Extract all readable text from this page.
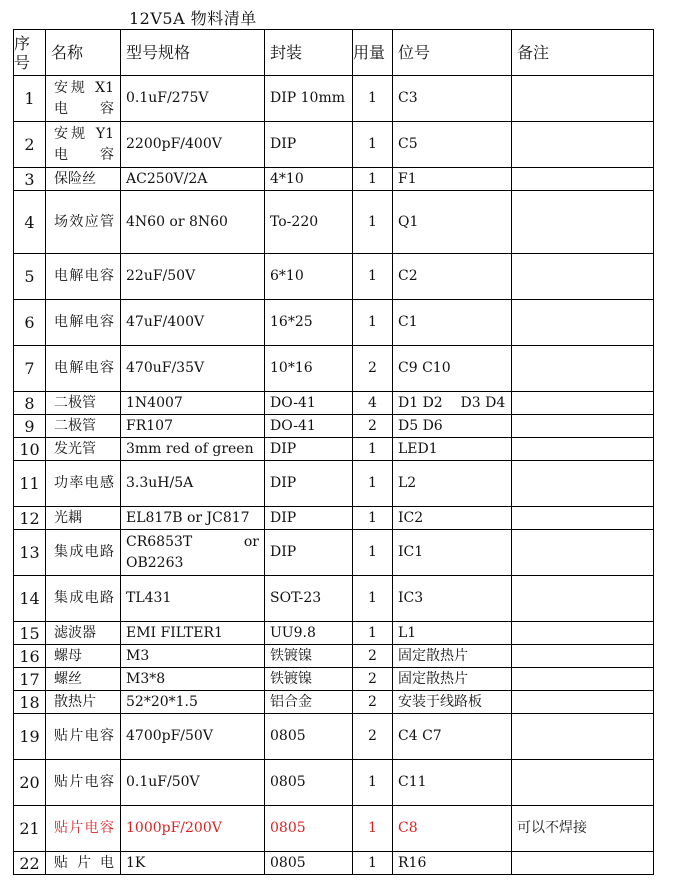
12V5A 物料清单
序号	名称	型号规格	封装	用量	位号	备注
1	安规 X1 电容	0.1uF/275V	DIP 10mm	1	C3	
2	安规 Y1 电容	2200pF/400V	DIP	1	C5	
3	保险丝	AC250V/2A	4*10	1	F1	
4	场效应管	4N60 or 8N60	To-220	1	Q1	
5	电解电容	22uF/50V	6*10	1	C2	
6	电解电容	47uF/400V	16*25	1	C1	
7	电解电容	470uF/35V	10*16	2	C9 C10	
8	二极管	1N4007	DO-41	4	D1 D2    D3 D4	
9	二极管	FR107	DO-41	2	D5 D6	
10	发光管	3mm red of green	DIP	1	LED1	
11	功率电感	3.3uH/5A	DIP	1	L2	
12	光耦	EL817B or JC817	DIP	1	IC2	
13	集成电路	CR6853T or
OB2263	DIP	1	IC1	
14	集成电路	TL431	SOT-23	1	IC3	
15	滤波器	EMI FILTER1	UU9.8	1	L1	
16	螺母	M3	铁镀镍	2	固定散热片	
17	螺丝	M3*8	铁镀镍	2	固定散热片	
18	散热片	52*20*1.5	铝合金	2	安装于线路板	
19	贴片电容	4700pF/50V	0805	2	C4 C7	
20	贴片电容	0.1uF/50V	0805	1	C11	
21	贴片电容	1000pF/200V	0805	1	C8	可以不焊接
22	贴片电	1K	0805	1	R16	
